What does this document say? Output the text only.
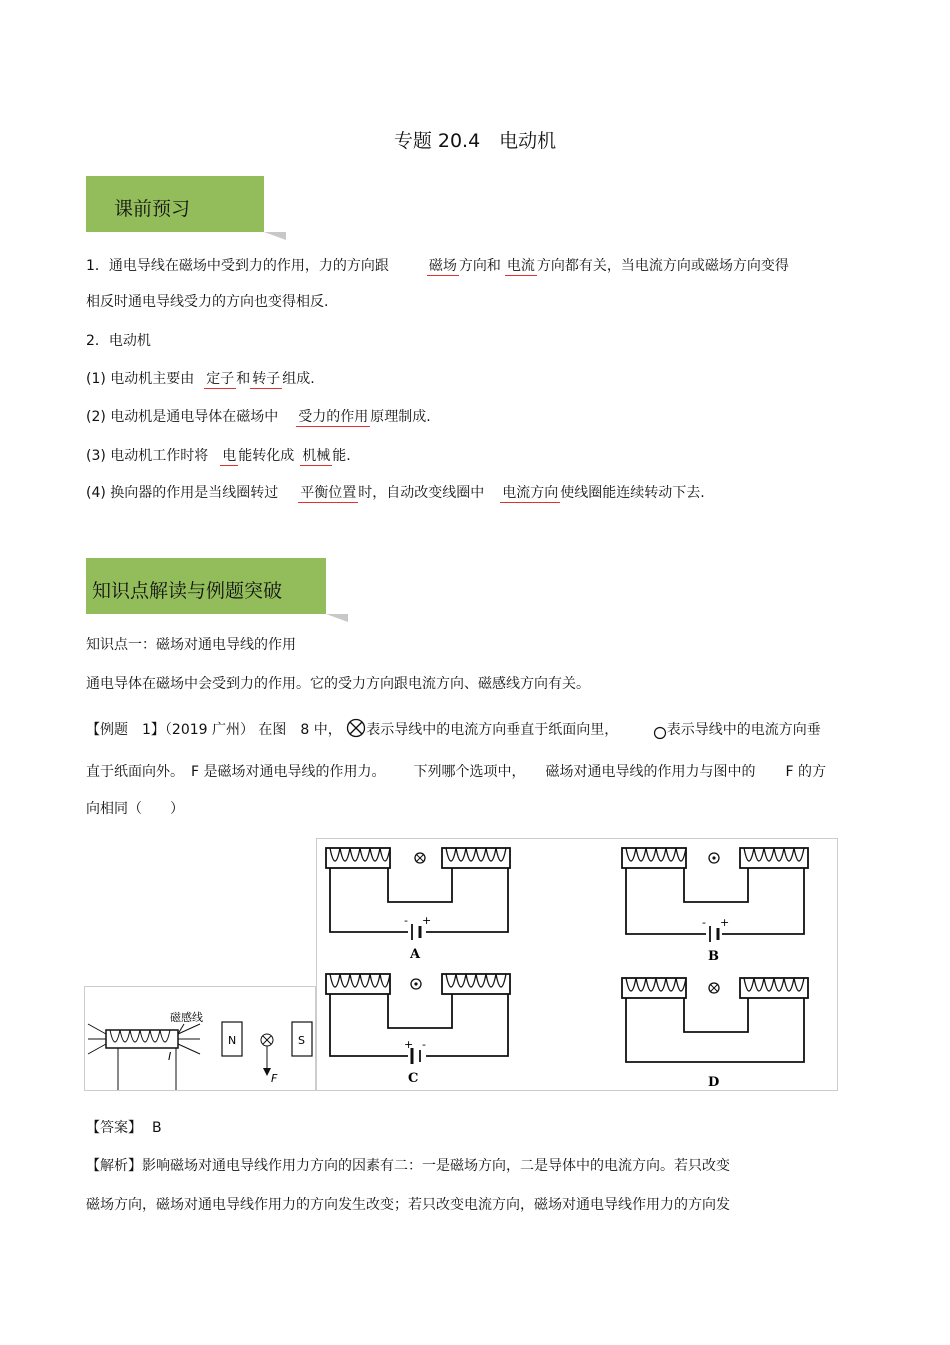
专题 20.4　电动机
课前预习
1．通电导线在磁场中受到力的作用，力的方向跟	磁场 方向和 电流 方向都有关，当电流方向或磁场方向变得
相反时通电导线受力的方向也变得相反.
2．电动机
(1) 电动机主要由 定子 和 转子 组成.
(2) 电动机是通电导体在磁场中 受力的作用 原理制成.
(3) 电动机工作时将 电 能转化成 机械 能.
(4) 换向器的作用是当线圈转过 平衡位置 时，自动改变线圈中 电流方向 使线圈能连续转动下去.
知识点解读与例题突破
知识点一：磁场对通电导线的作用
通电导体在磁场中会受到力的作用。它的受力方向跟电流方向、磁感线方向有关。
【例题　1】（2019 广州） 在图　8 中， 表示导线中的电流方向垂直于纸面向里，	表示导线中的电流方向垂
直于纸面向外。　F 是磁场对通电导线的作用力。 下列哪个选项中， 磁场对通电导线的作用力与图中的 F 的方
向相同（　　）
磁感线
I
N
F
S
- +
A
- +
B
+ -
C	D
【答案】 B
【解析】影响磁场对通电导线作用力方向的因素有二：一是磁场方向，二是导体中的电流方向。若只改变
磁场方向，磁场对通电导线作用力的方向发生改变；若只改变电流方向，磁场对通电导线作用力的方向发
